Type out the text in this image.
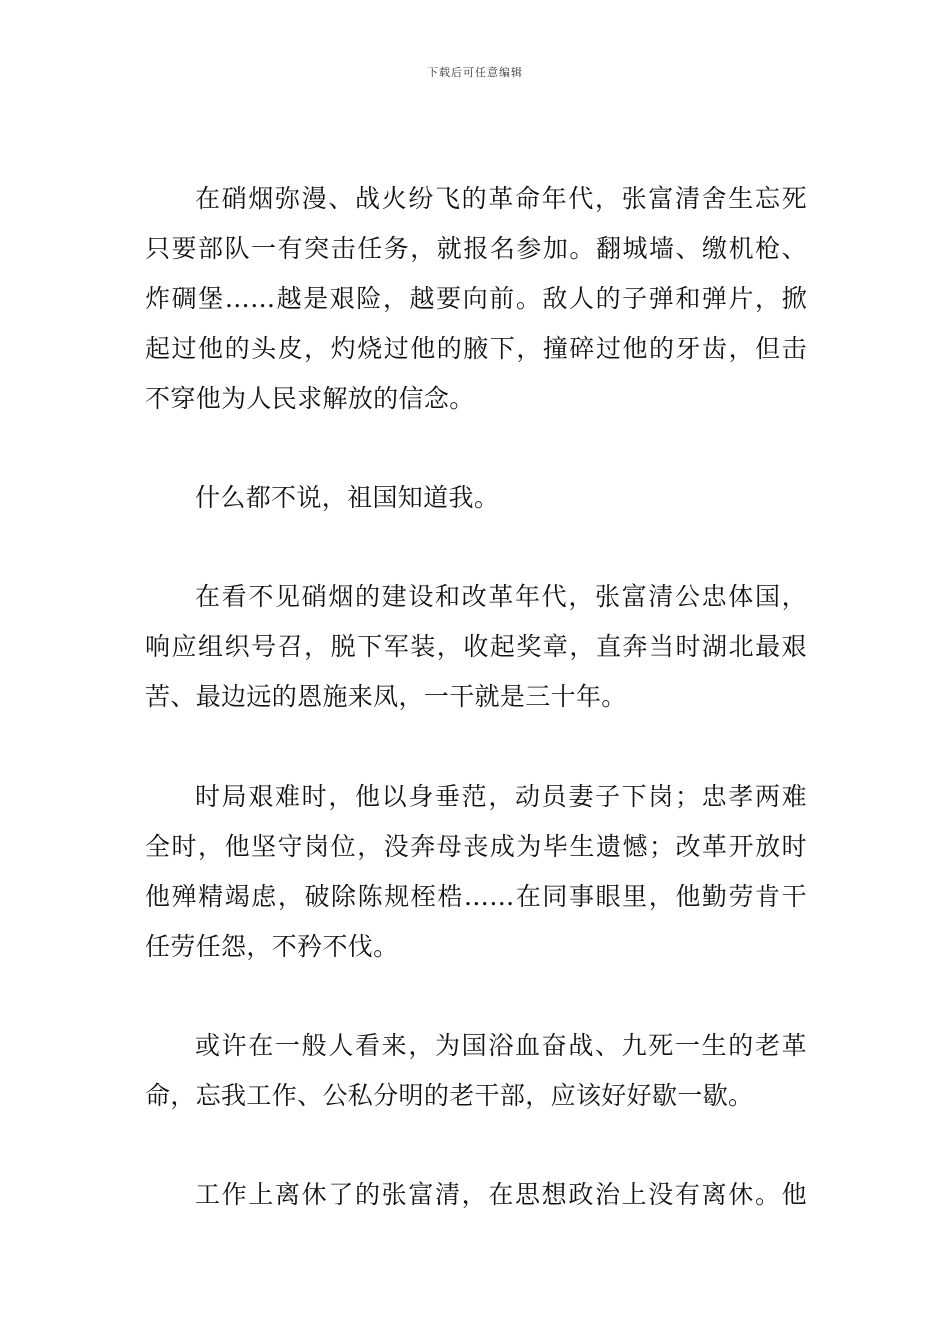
下载后可任意编辑
在硝烟弥漫、战火纷飞的革命年代，张富清舍生忘死
只要部队一有突击任务，就报名参加。翻城墙、缴机枪、
炸碉堡……越是艰险，越要向前。敌人的子弹和弹片，掀
起过他的头皮，灼烧过他的腋下，撞碎过他的牙齿，但击
不穿他为人民求解放的信念。
什么都不说，祖国知道我。
在看不见硝烟的建设和改革年代，张富清公忠体国，
响应组织号召，脱下军装，收起奖章，直奔当时湖北最艰
苦、最边远的恩施来凤，一干就是三十年。
时局艰难时，他以身垂范，动员妻子下岗；忠孝两难
全时，他坚守岗位，没奔母丧成为毕生遗憾；改革开放时
他殚精竭虑，破除陈规桎梏……在同事眼里，他勤劳肯干
任劳任怨，不矜不伐。
或许在一般人看来，为国浴血奋战、九死一生的老革
命，忘我工作、公私分明的老干部，应该好好歇一歇。
工作上离休了的张富清，在思想政治上没有离休。他
